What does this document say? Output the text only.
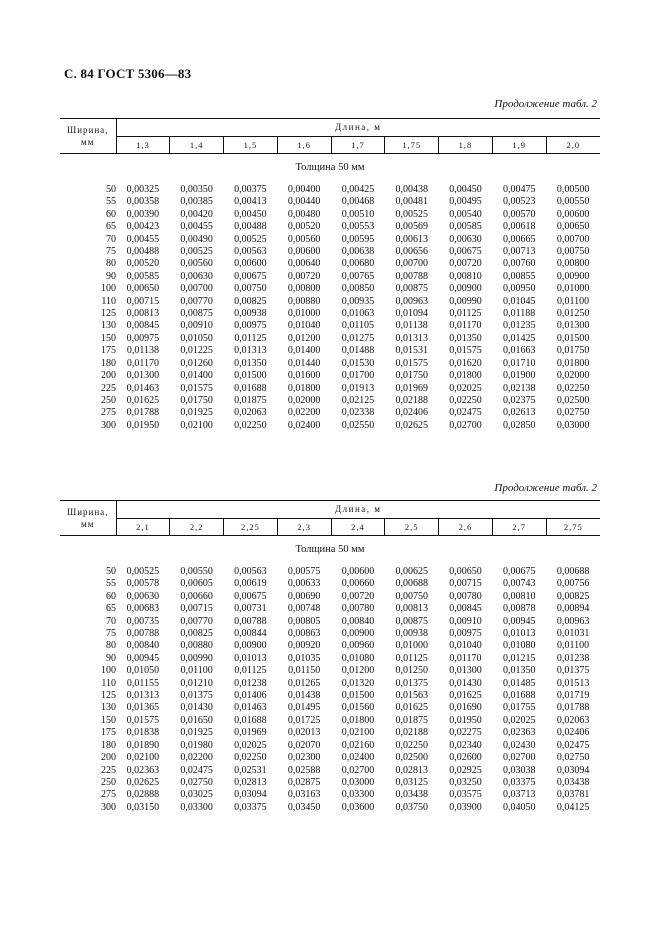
С. 84 ГОСТ 5306—83
Продолжение табл. 2
Ширина,
мм	Длина, м								
	1,3	1,4	1,5	1,6	1,7	1,75	1,8	1,9	2,0
Толщина 50 мм									
50	0,00325	0,00350	0,00375	0,00400	0,00425	0,00438	0,00450	0,00475	0,00500
55	0,00358	0,00385	0,00413	0,00440	0,00468	0,00481	0,00495	0,00523	0,00550
60	0,00390	0,00420	0,00450	0,00480	0,00510	0,00525	0,00540	0,00570	0,00600
65	0,00423	0,00455	0,00488	0,00520	0,00553	0,00569	0,00585	0,00618	0,00650
70	0,00455	0,00490	0,00525	0,00560	0,00595	0,00613	0,00630	0,00665	0,00700
75	0,00488	0,00525	0,00563	0,00600	0,00638	0,00656	0,00675	0,00713	0,00750
80	0,00520	0,00560	0,00600	0,00640	0,00680	0,00700	0,00720	0,00760	0,00800
90	0,00585	0,00630	0,00675	0,00720	0,00765	0,00788	0,00810	0,00855	0,00900
100	0,00650	0,00700	0,00750	0,00800	0,00850	0,00875	0,00900	0,00950	0,01000
110	0,00715	0,00770	0,00825	0,00880	0,00935	0,00963	0,00990	0,01045	0,01100
125	0,00813	0,00875	0,00938	0,01000	0,01063	0,01094	0,01125	0,01188	0,01250
130	0,00845	0,00910	0,00975	0,01040	0,01105	0,01138	0,01170	0,01235	0,01300
150	0,00975	0,01050	0,01125	0,01200	0,01275	0,01313	0,01350	0,01425	0,01500
175	0,01138	0,01225	0,01313	0,01400	0,01488	0,01531	0,01575	0,01663	0,01750
180	0,01170	0,01260	0,01350	0,01440	0,01530	0,01575	0,01620	0,01710	0,01800
200	0,01300	0,01400	0,01500	0,01600	0,01700	0,01750	0,01800	0,01900	0,02000
225	0,01463	0,01575	0,01688	0,01800	0,01913	0,01969	0,02025	0,02138	0,02250
250	0,01625	0,01750	0,01875	0,02000	0,02125	0,02188	0,02250	0,02375	0,02500
275	0,01788	0,01925	0,02063	0,02200	0,02338	0,02406	0,02475	0,02613	0,02750
300	0,01950	0,02100	0,02250	0,02400	0,02550	0,02625	0,02700	0,02850	0,03000
Продолжение табл. 2
Ширина,
мм	Длина, м								
	2,1	2,2	2,25	2,3	2,4	2,5	2,6	2,7	2,75
Толщина 50 мм									
50	0,00525	0,00550	0,00563	0,00575	0,00600	0,00625	0,00650	0,00675	0,00688
55	0,00578	0,00605	0,00619	0,00633	0,00660	0,00688	0,00715	0,00743	0,00756
60	0,00630	0,00660	0,00675	0,00690	0,00720	0,00750	0,00780	0,00810	0,00825
65	0,00683	0,00715	0,00731	0,00748	0,00780	0,00813	0,00845	0,00878	0,00894
70	0,00735	0,00770	0,00788	0,00805	0,00840	0,00875	0,00910	0,00945	0,00963
75	0,00788	0,00825	0,00844	0,00863	0,00900	0,00938	0,00975	0,01013	0,01031
80	0,00840	0,00880	0,00900	0,00920	0,00960	0,01000	0,01040	0,01080	0,01100
90	0,00945	0,00990	0,01013	0,01035	0,01080	0,01125	0,01170	0,01215	0,01238
100	0,01050	0,01100	0,01125	0,01150	0,01200	0,01250	0,01300	0,01350	0,01375
110	0,01155	0,01210	0,01238	0,01265	0,01320	0,01375	0,01430	0,01485	0,01513
125	0,01313	0,01375	0,01406	0,01438	0,01500	0,01563	0,01625	0,01688	0,01719
130	0,01365	0,01430	0,01463	0,01495	0,01560	0,01625	0,01690	0,01755	0,01788
150	0,01575	0,01650	0,01688	0,01725	0,01800	0,01875	0,01950	0,02025	0,02063
175	0,01838	0,01925	0,01969	0,02013	0,02100	0,02188	0,02275	0,02363	0,02406
180	0,01890	0,01980	0,02025	0,02070	0,02160	0,02250	0,02340	0,02430	0,02475
200	0,02100	0,02200	0,02250	0,02300	0,02400	0,02500	0,02600	0,02700	0,02750
225	0,02363	0,02475	0,02531	0,02588	0,02700	0,02813	0,02925	0,03038	0,03094
250	0,02625	0,02750	0,02813	0,02875	0,03000	0,03125	0,03250	0,03375	0,03438
275	0,02888	0,03025	0,03094	0,03163	0,03300	0,03438	0,03575	0,03713	0,03781
300	0,03150	0,03300	0,03375	0,03450	0,03600	0,03750	0,03900	0,04050	0,04125
